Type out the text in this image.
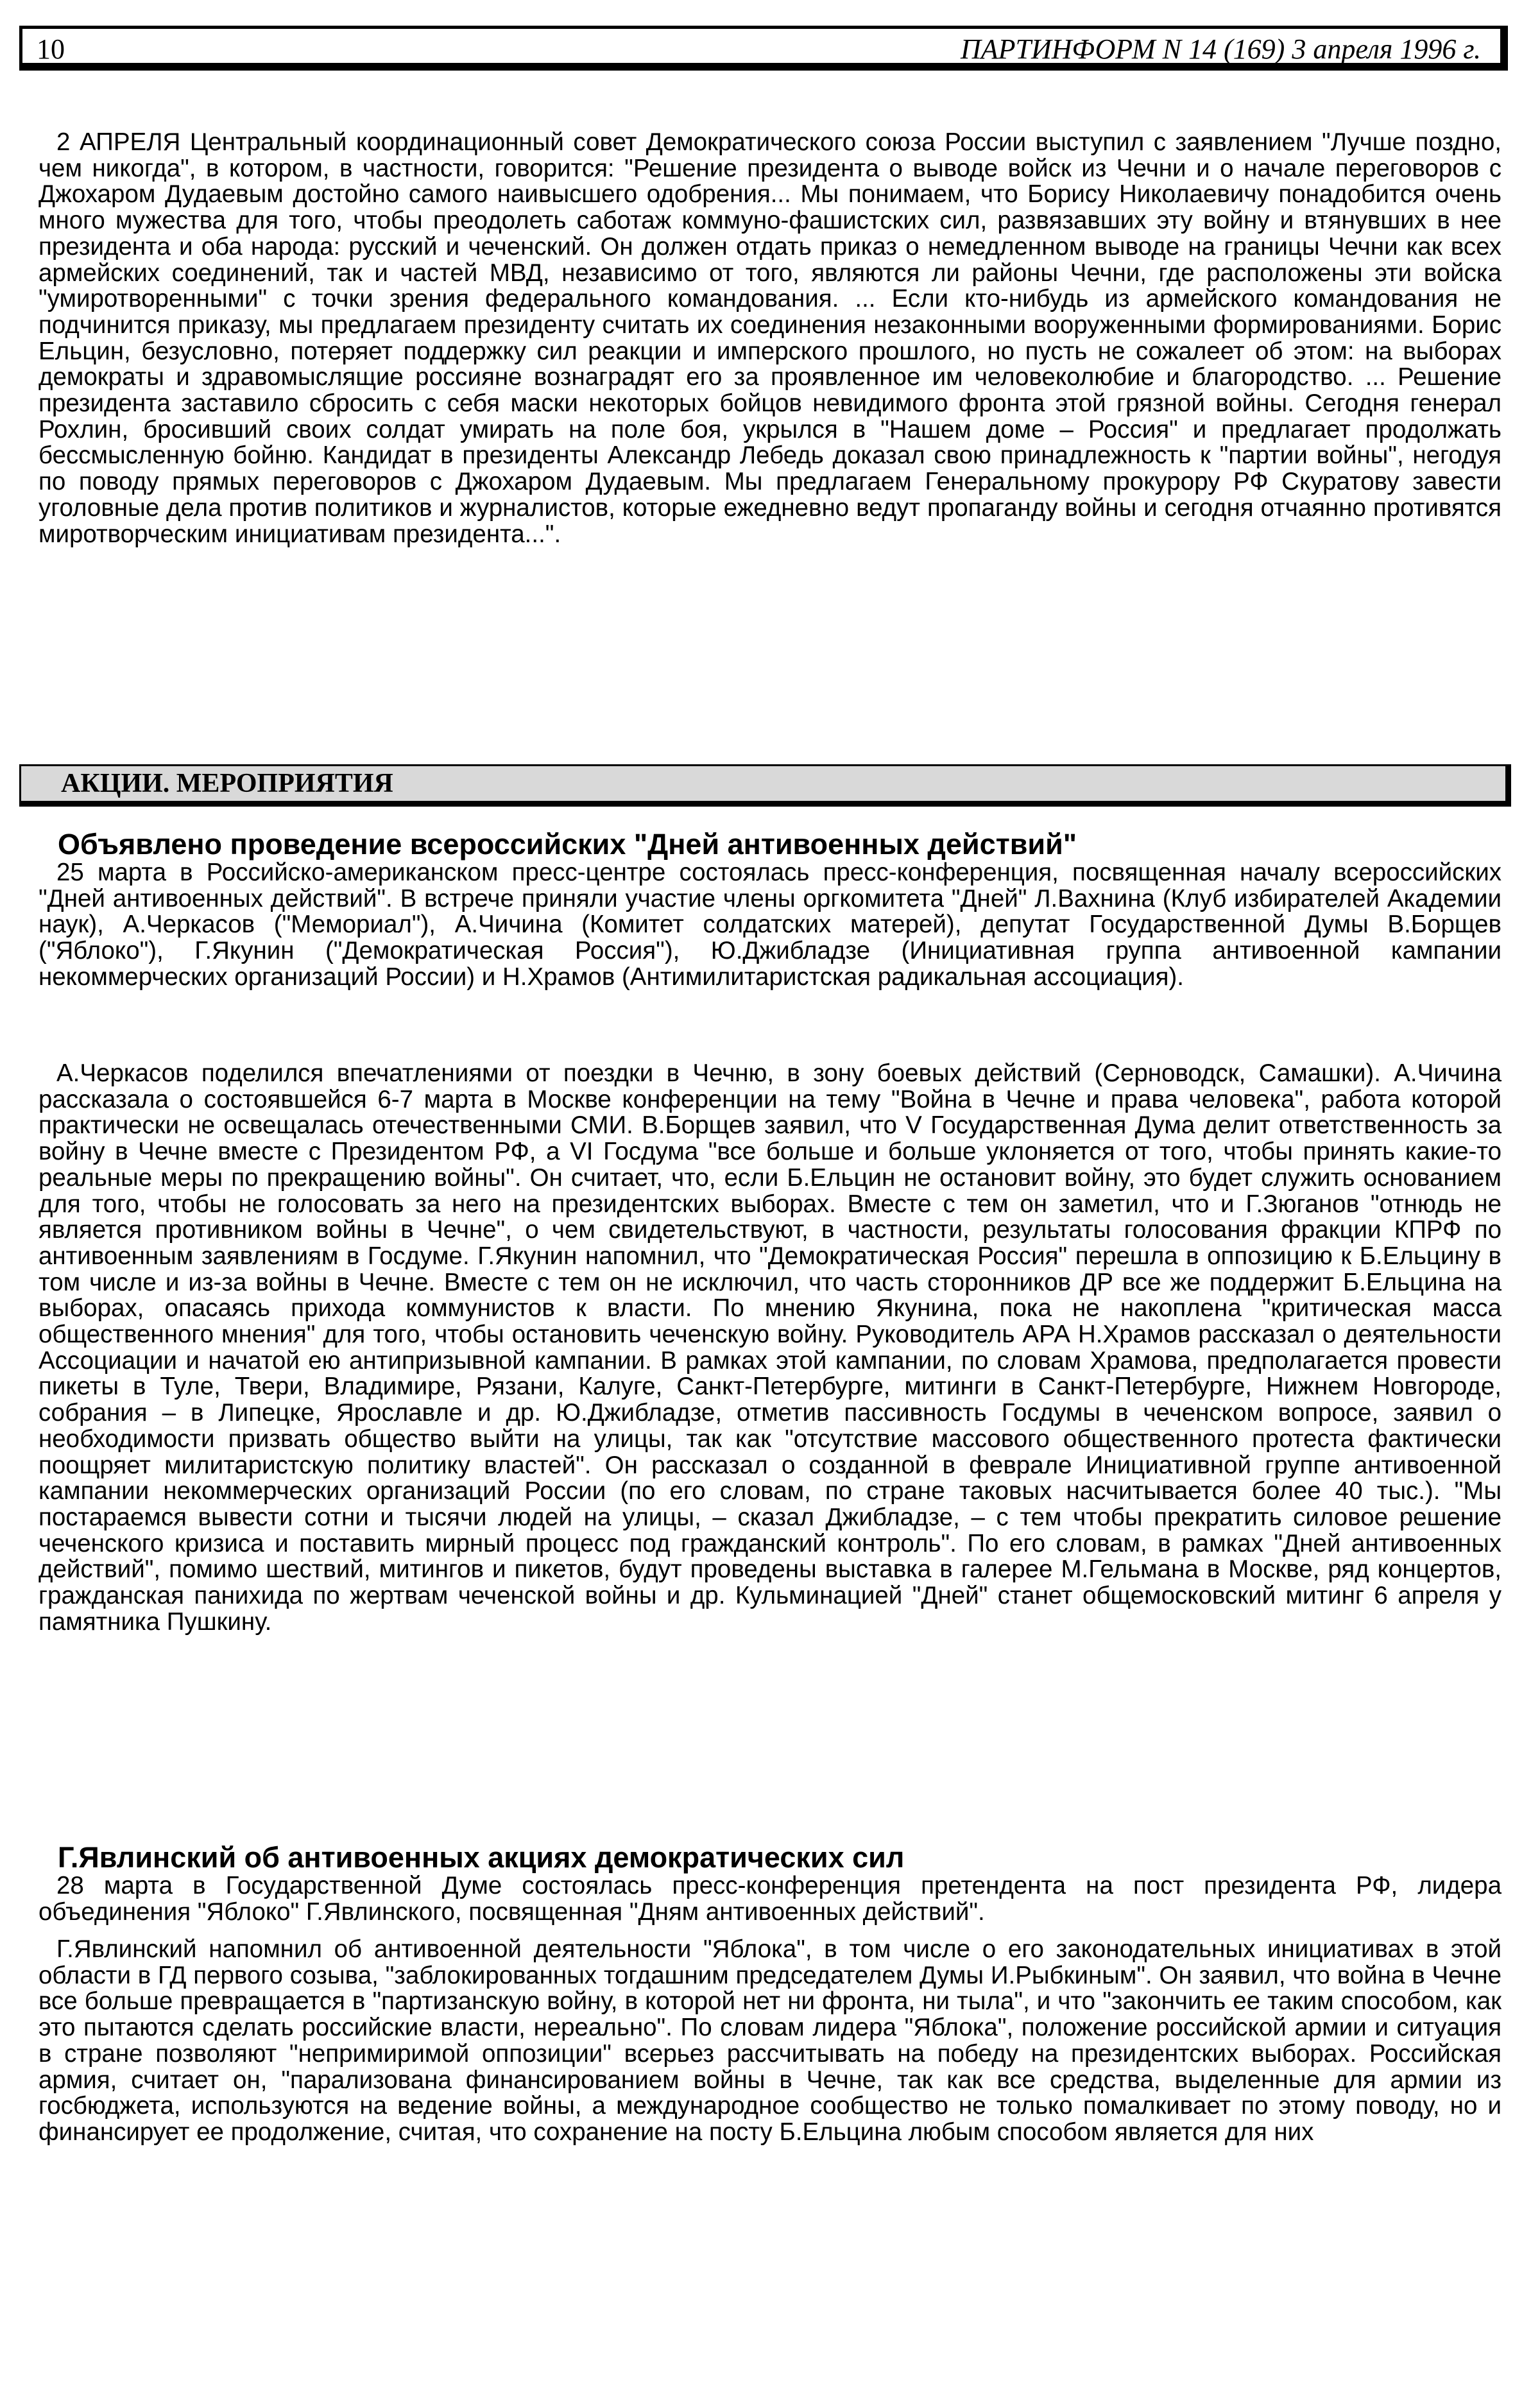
10	ПАРТИНФОРМ N 14 (169) 3 апреля 1996 г.

2 АПРЕЛЯ Центральный координационный совет Демократического союза России выступил с заявлением "Лучше поздно, чем никогда", в котором, в частности, говорится: "Решение президента о выводе войск из Чечни и о начале переговоров с Джохаром Дудаевым достойно самого наивысшего одобрения... Мы понимаем, что Борису Николаевичу понадобится очень много мужества для того, чтобы преодолеть саботаж коммуно-фашистских сил, развязавших эту войну и втянувших в нее президента и оба народа: русский и чеченский. Он должен отдать приказ о немедленном выводе на границы Чечни как всех армейских соединений, так и частей МВД, независимо от того, являются ли районы Чечни, где расположены эти войска "умиротворенными" с точки зрения федерального командования. ... Если кто-нибудь из армейского командования не подчинится приказу, мы предлагаем президенту считать их соединения незаконными вооруженными формированиями. Борис Ельцин, безусловно, потеряет поддержку сил реакции и имперского прошлого, но пусть не сожалеет об этом: на выборах демократы и здравомыслящие россияне вознаградят его за проявленное им человеколюбие и благородство. ... Решение президента заставило сбросить с себя маски некоторых бойцов невидимого фронта этой грязной войны. Сегодня генерал Рохлин, бросивший своих солдат умирать на поле боя, укрылся в "Нашем доме – Россия" и предлагает продолжать бессмысленную бойню. Кандидат в президенты Александр Лебедь доказал свою принадлежность к "партии войны", негодуя по поводу прямых переговоров с Джохаром Дудаевым. Мы предлагаем Генеральному прокурору РФ Скуратову завести уголовные дела против политиков и журналистов, которые ежедневно ведут пропаганду войны и сегодня отчаянно противятся миротворческим инициативам президента...".

АКЦИИ. МЕРОПРИЯТИЯ
Объявлено проведение всероссийских "Дней антивоенных действий"

25 марта в Российско-американском пресс-центре состоялась пресс-конференция, посвященная началу всероссийских "Дней антивоенных действий". В встрече приняли участие члены оргкомитета "Дней" Л.Вахнина (Клуб избирателей Академии наук), А.Черкасов ("Мемориал"), А.Чичина (Комитет солдатских матерей), депутат Государственной Думы В.Борщев ("Яблоко"), Г.Якунин ("Демократическая Россия"), Ю.Джибладзе (Инициативная группа антивоенной кампании некоммерческих организаций России) и Н.Храмов (Антимилитаристская радикальная ассоциация).

А.Черкасов поделился впечатлениями от поездки в Чечню, в зону боевых действий (Серноводск, Самашки). А.Чичина рассказала о состоявшейся 6-7 марта в Москве конференции на тему "Война в Чечне и права человека", работа которой практически не освещалась отечественными СМИ. В.Борщев заявил, что V Государственная Дума делит ответственность за войну в Чечне вместе с Президентом РФ, а VI Госдума "все больше и больше уклоняется от того, чтобы принять какие-то реальные меры по прекращению войны". Он считает, что, если Б.Ельцин не остановит войну, это будет служить основанием для того, чтобы не голосовать за него на президентских выборах. Вместе с тем он заметил, что и Г.Зюганов "отнюдь не является противником войны в Чечне", о чем свидетельствуют, в частности, результаты голосования фракции КПРФ по антивоенным заявлениям в Госдуме. Г.Якунин напомнил, что "Демократическая Россия" перешла в оппозицию к Б.Ельцину в том числе и из-за войны в Чечне. Вместе с тем он не исключил, что часть сторонников ДР все же поддержит Б.Ельцина на выборах, опасаясь прихода коммунистов к власти. По мнению Якунина, пока не накоплена "критическая масса общественного мнения" для того, чтобы остановить чеченскую войну. Руководитель АРА Н.Храмов рассказал о деятельности Ассоциации и начатой ею антипризывной кампании. В рамках этой кампании, по словам Храмова, предполагается провести пикеты в Туле, Твери, Владимире, Рязани, Калуге, Санкт-Петербурге, митинги в Санкт-Петербурге, Нижнем Новгороде, собрания – в Липецке, Ярославле и др. Ю.Джибладзе, отметив пассивность Госдумы в чеченском вопросе, заявил о необходимости призвать общество выйти на улицы, так как "отсутствие массового общественного протеста фактически поощряет милитаристскую политику властей". Он рассказал о созданной в феврале Инициативной группе антивоенной кампании некоммерческих организаций России (по его словам, по стране таковых насчитывается более 40 тыс.). "Мы постараемся вывести сотни и тысячи людей на улицы, – сказал Джибладзе, – с тем чтобы прекратить силовое решение чеченского кризиса и поставить мирный процесс под гражданский контроль". По его словам, в рамках "Дней антивоенных действий", помимо шествий, митингов и пикетов, будут проведены выставка в галерее М.Гельмана в Москве, ряд концертов, гражданская панихида по жертвам чеченской войны и др. Кульминацией "Дней" станет общемосковский митинг 6 апреля у памятника Пушкину.

Г.Явлинский об антивоенных акциях демократических сил

28 марта в Государственной Думе состоялась пресс-конференция претендента на пост президента РФ, лидера объединения "Яблоко" Г.Явлинского, посвященная "Дням антивоенных действий".

Г.Явлинский напомнил об антивоенной деятельности "Яблока", в том числе о его законодательных инициативах в этой области в ГД первого созыва, "заблокированных тогдашним председателем Думы И.Рыбкиным". Он заявил, что война в Чечне все больше превращается в "партизанскую войну, в которой нет ни фронта, ни тыла", и что "закончить ее таким способом, как это пытаются сделать российские власти, нереально". По словам лидера "Яблока", положение российской армии и ситуация в стране позволяют "непримиримой оппозиции" всерьез рассчитывать на победу на президентских выборах. Российская армия, считает он, "парализована финансированием войны в Чечне, так как все средства, выделенные для армии из госбюджета, используются на ведение войны, а международное сообщество не только помалкивает по этому поводу, но и финансирует ее продолжение, считая, что сохранение на посту Б.Ельцина любым способом является для них
